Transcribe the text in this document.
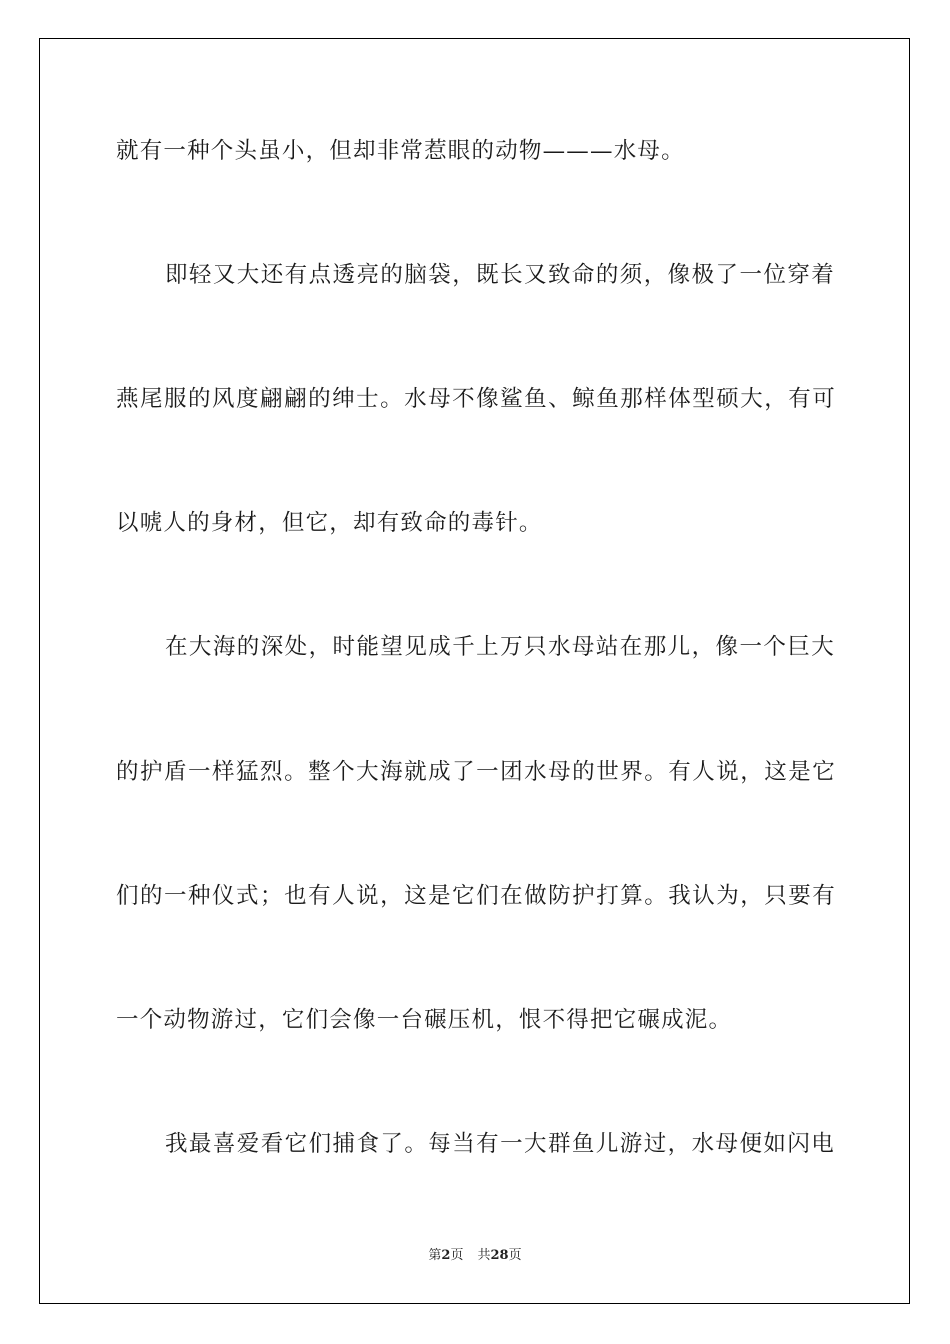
就有一种个头虽小，但却非常惹眼的动物———水母。
即轻又大还有点透亮的脑袋，既长又致命的须，像极了一位穿着
燕尾服的风度翩翩的绅士。水母不像鲨鱼、鲸鱼那样体型硕大，有可
以唬人的身材，但它，却有致命的毒针。
在大海的深处，时能望见成千上万只水母站在那儿，像一个巨大
的护盾一样猛烈。整个大海就成了一团水母的世界。有人说，这是它
们的一种仪式；也有人说，这是它们在做防护打算。我认为，只要有
一个动物游过，它们会像一台碾压机，恨不得把它碾成泥。
我最喜爱看它们捕食了。每当有一大群鱼儿游过，水母便如闪电
第2页 共28页
